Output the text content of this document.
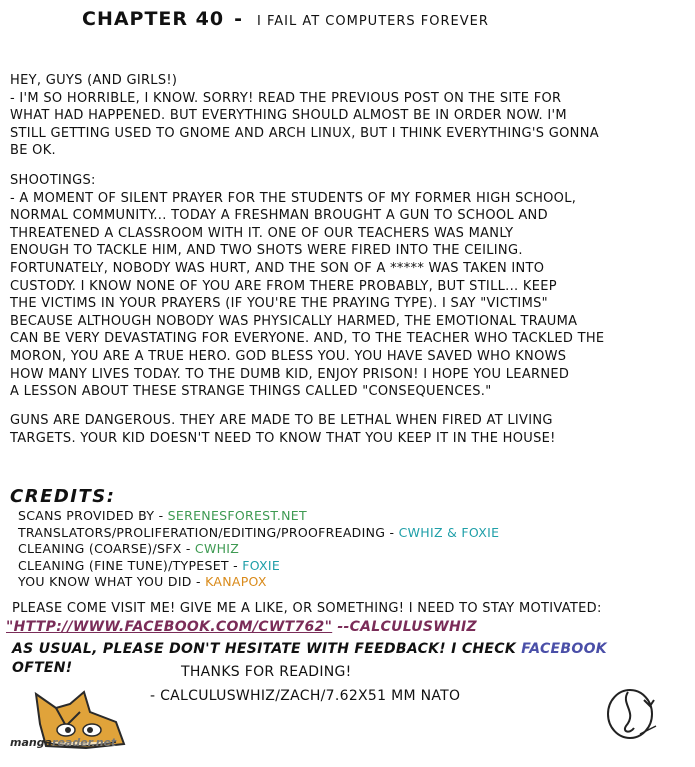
CHAPTER 40 - I FAIL AT COMPUTERS FOREVER
HEY, GUYS (AND GIRLS!)
- I'M SO HORRIBLE, I KNOW. SORRY! READ THE PREVIOUS POST ON THE SITE FOR
WHAT HAD HAPPENED. BUT EVERYTHING SHOULD ALMOST BE IN ORDER NOW. I'M
STILL GETTING USED TO GNOME AND ARCH LINUX, BUT I THINK EVERYTHING'S GONNA
BE OK.
SHOOTINGS:
- A MOMENT OF SILENT PRAYER FOR THE STUDENTS OF MY FORMER HIGH SCHOOL,
NORMAL COMMUNITY... TODAY A FRESHMAN BROUGHT A GUN TO SCHOOL AND
THREATENED A CLASSROOM WITH IT. ONE OF OUR TEACHERS WAS MANLY
ENOUGH TO TACKLE HIM, AND TWO SHOTS WERE FIRED INTO THE CEILING.
FORTUNATELY, NOBODY WAS HURT, AND THE SON OF A ***** WAS TAKEN INTO
CUSTODY. I KNOW NONE OF YOU ARE FROM THERE PROBABLY, BUT STILL... KEEP
THE VICTIMS IN YOUR PRAYERS (IF YOU'RE THE PRAYING TYPE). I SAY "VICTIMS"
BECAUSE ALTHOUGH NOBODY WAS PHYSICALLY HARMED, THE EMOTIONAL TRAUMA
CAN BE VERY DEVASTATING FOR EVERYONE. AND, TO THE TEACHER WHO TACKLED THE
MORON, YOU ARE A TRUE HERO. GOD BLESS YOU. YOU HAVE SAVED WHO KNOWS
HOW MANY LIVES TODAY. TO THE DUMB KID, ENJOY PRISON! I HOPE YOU LEARNED
A LESSON ABOUT THESE STRANGE THINGS CALLED "CONSEQUENCES."
GUNS ARE DANGEROUS. THEY ARE MADE TO BE LETHAL WHEN FIRED AT LIVING
TARGETS. YOUR KID DOESN'T NEED TO KNOW THAT YOU KEEP IT IN THE HOUSE!
CREDITS:
SCANS PROVIDED BY - SERENESFOREST.NET
TRANSLATORS/PROLIFERATION/EDITING/PROOFREADING - CWHIZ & FOXIE
CLEANING (COARSE)/SFX - CWHIZ
CLEANING (FINE TUNE)/TYPESET - FOXIE
YOU KNOW WHAT YOU DID - KANAPOX
PLEASE COME VISIT ME! GIVE ME A LIKE, OR SOMETHING! I NEED TO STAY MOTIVATED:
"HTTP://WWW.FACEBOOK.COM/CWT762" --CALCULUSWHIZ
AS USUAL, PLEASE DON'T HESITATE WITH FEEDBACK! I CHECK FACEBOOK
OFTEN!	THANKS FOR READING!
- CALCULUSWHIZ/ZACH/7.62X51 MM NATO
mangareader.net
